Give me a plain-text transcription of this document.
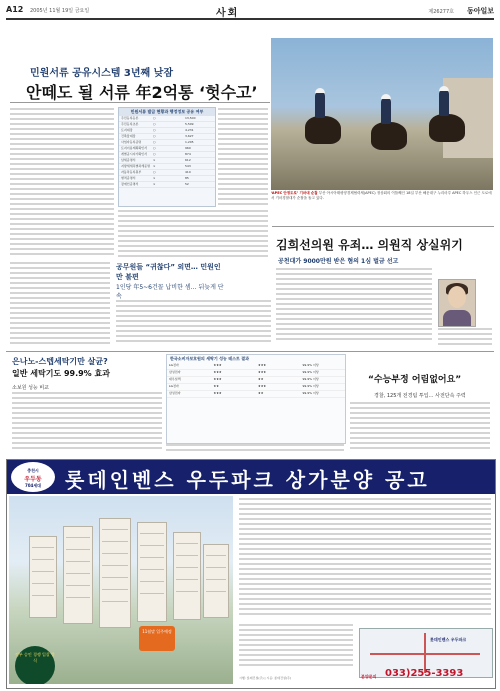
A12 2005년 11월 19일 금요일	사회	제26277호 동아일보
민원서류 공유시스템 3년째 낮잠
안떼도 될 서류 年2억통 ‘헛수고’
민원서류 발급 현황과 행정정보 공유 여부
주민등록등본	○	13,500
주민등록초본	○	5,509
토지대장	○	4,231
건축물대장	○	3,627
사업자등록증명	○	1,205
토지이용계획확인서	○	960
개별공시지가확인서	○	874
납세증명서	×	612
지방세세목별과세증명	×	543
자동차등록원부	○	410
병적증명서	×	85
장애인증명서	×	52
공무원들 “귀찮다” 외면… 민원인만 불편
1인당 年5~6건꼴 납비한 셈… 뒤늦게 단속
‘APEC 안정도로’ 기마대 순찰 부산 아시아태평양경제협력체(APEC) 정상회의 이틀째인 18일 부산 해운대구 누리마루 APEC 하우스 인근 도로에서 기마경찰대가 순찰을 돌고 있다.
김희선의원 유죄… 의원직 상실위기
공천대가 9000만원 받은 혐의 1심 벌금 선고
은나노-스텝세탁기만 살균?
일반 세탁기도 99.9% 효과
소보원 성능 비교
한국소비자보호원의 세탁기 성능 테스트 결과
LG전자	★★★	★★★	99.9% 이상
삼성전자	★★★	★★★	99.9% 이상
대우일렉	★★★	★★	99.9% 이상
LG전자	★★	★★★	99.9% 이상
삼성전자	★★★	★★	99.9% 이상
“수능부정 어림없어요”
경찰, 125개 전경팀 투입… 사전단속 주력
충천시
우두동
704세대	롯데인벤스 우두파크 상가분양 공고
11월말 입주예정
정부 승인 경쟁 입찰 방식
롯데인벤스 우두파크
분양문의 033)255-3393
시행: 롯데건설(주) | 시공: 롯데건설(주)
